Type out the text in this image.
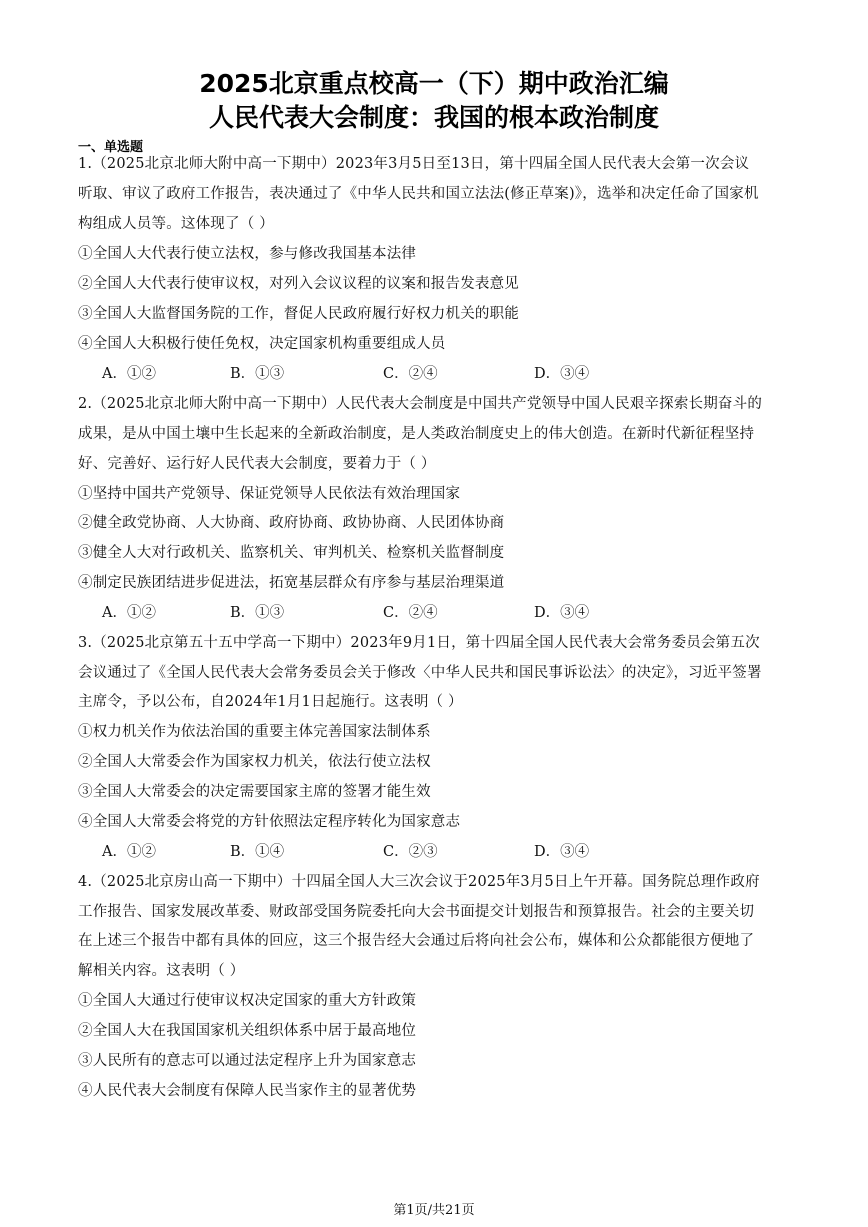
2025北京重点校高一（下）期中政治汇编
人民代表大会制度：我国的根本政治制度
一、单选题
1.（2025北京北师大附中高一下期中）2023年3月5日至13日，第十四届全国人民代表大会第一次会议
听取、审议了政府工作报告，表决通过了《中华人民共和国立法法(修正草案)》，选举和决定任命了国家机
构组成人员等。这体现了（ ）
①全国人大代表行使立法权，参与修改我国基本法律
②全国人大代表行使审议权，对列入会议议程的议案和报告发表意见
③全国人大监督国务院的工作，督促人民政府履行好权力机关的职能
④全国人大积极行使任免权，决定国家机构重要组成人员
A．①②	B．①③	C．②④	D．③④
2.（2025北京北师大附中高一下期中）人民代表大会制度是中国共产党领导中国人民艰辛探索长期奋斗的
成果，是从中国土壤中生长起来的全新政治制度，是人类政治制度史上的伟大创造。在新时代新征程坚持
好、完善好、运行好人民代表大会制度，要着力于（ ）
①坚持中国共产党领导、保证党领导人民依法有效治理国家
②健全政党协商、人大协商、政府协商、政协协商、人民团体协商
③健全人大对行政机关、监察机关、审判机关、检察机关监督制度
④制定民族团结进步促进法，拓宽基层群众有序参与基层治理渠道
A．①②	B．①③	C．②④	D．③④
3.（2025北京第五十五中学高一下期中）2023年9月1日，第十四届全国人民代表大会常务委员会第五次
会议通过了《全国人民代表大会常务委员会关于修改〈中华人民共和国民事诉讼法〉的决定》，习近平签署
主席令，予以公布，自2024年1月1日起施行。这表明（ ）
①权力机关作为依法治国的重要主体完善国家法制体系
②全国人大常委会作为国家权力机关，依法行使立法权
③全国人大常委会的决定需要国家主席的签署才能生效
④全国人大常委会将党的方针依照法定程序转化为国家意志
A．①②	B．①④	C．②③	D．③④
4.（2025北京房山高一下期中）十四届全国人大三次会议于2025年3月5日上午开幕。国务院总理作政府
工作报告、国家发展改革委、财政部受国务院委托向大会书面提交计划报告和预算报告。社会的主要关切
在上述三个报告中都有具体的回应，这三个报告经大会通过后将向社会公布，媒体和公众都能很方便地了
解相关内容。这表明（ ）
①全国人大通过行使审议权决定国家的重大方针政策
②全国人大在我国国家机关组织体系中居于最高地位
③人民所有的意志可以通过法定程序上升为国家意志
④人民代表大会制度有保障人民当家作主的显著优势
第1页/共21页
